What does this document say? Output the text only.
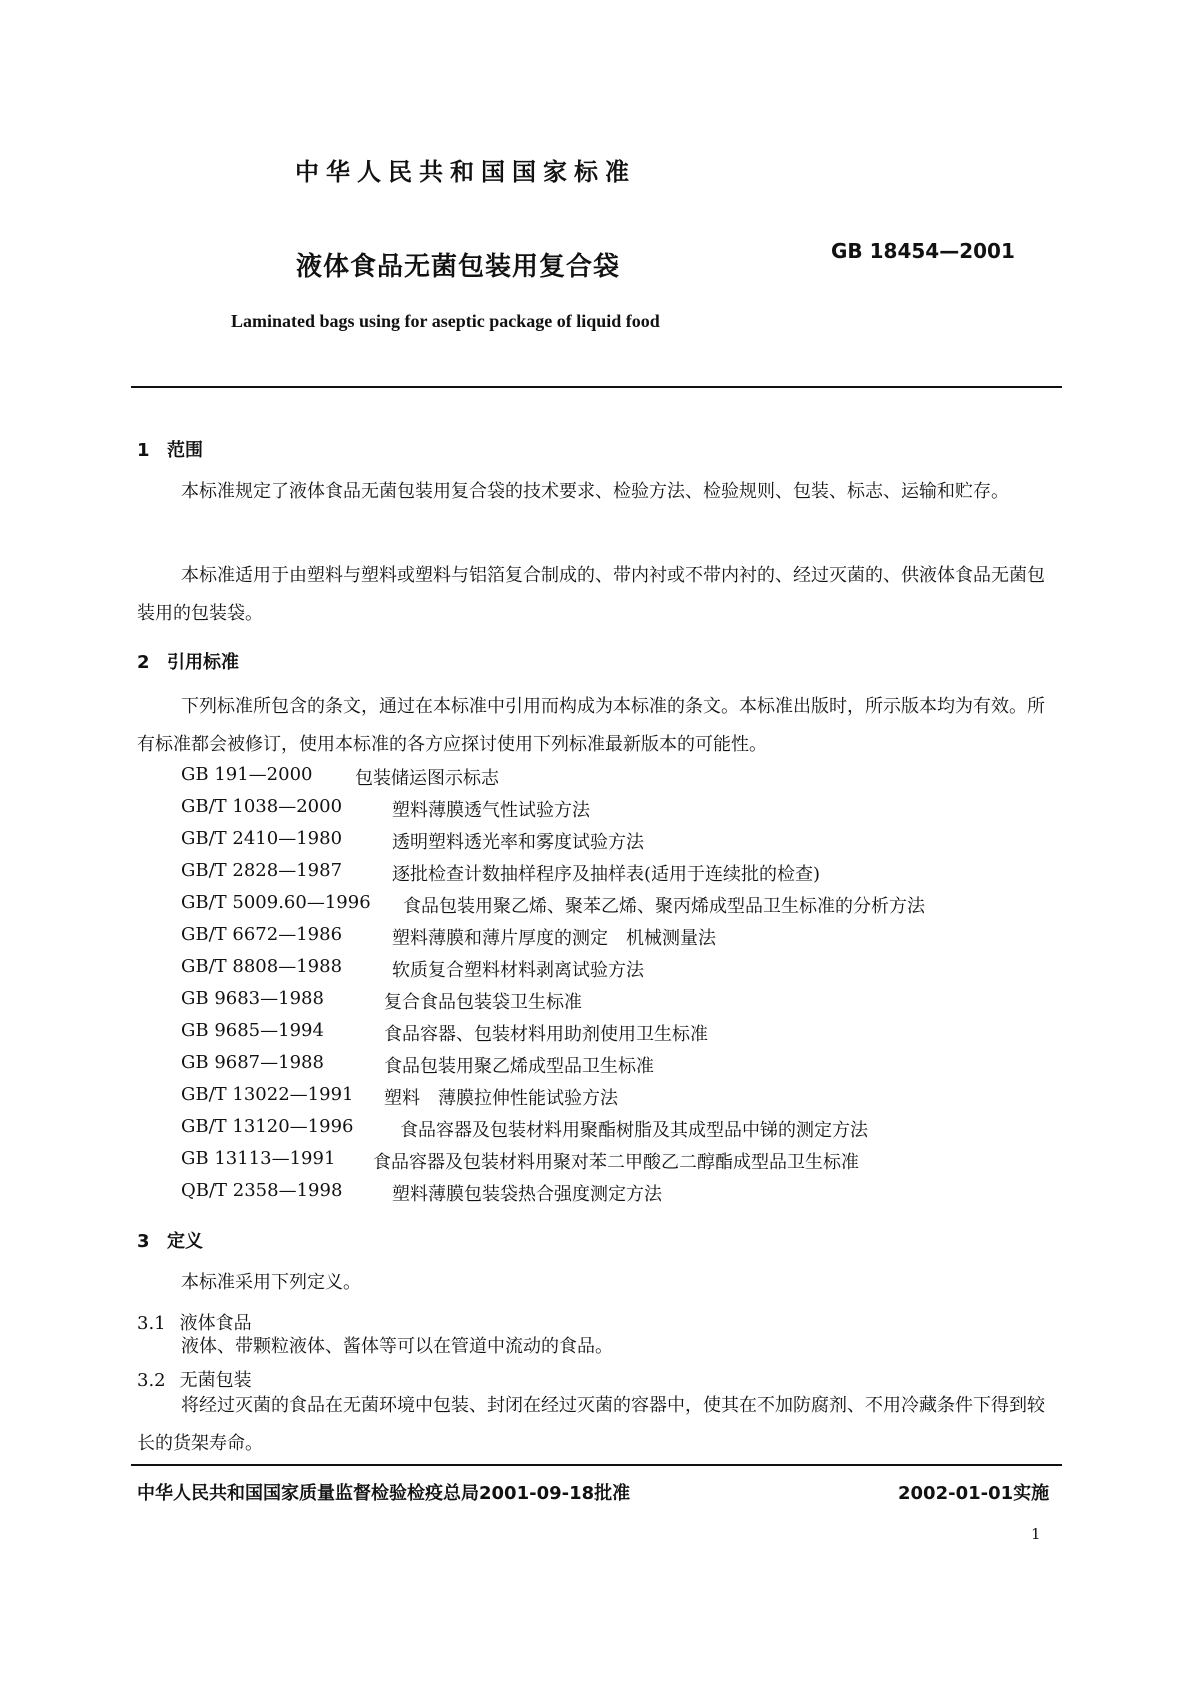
中华人民共和国国家标准
液体食品无菌包装用复合袋
GB 18454—2001
Laminated bags using for aseptic package of liquid food
1 范围
本标准规定了液体食品无菌包装用复合袋的技术要求、检验方法、检验规则、包装、标志、运输和贮存。
本标准适用于由塑料与塑料或塑料与铝箔复合制成的、带内衬或不带内衬的、经过灭菌的、供液体食品无菌包装用的包装袋。
2 引用标准
下列标准所包含的条文，通过在本标准中引用而构成为本标准的条文。本标准出版时，所示版本均为有效。所有标准都会被修订，使用本标准的各方应探讨使用下列标准最新版本的可能性。
GB 191—2000 包装储运图示标志
GB/T 1038—2000	塑料薄膜透气性试验方法
GB/T 2410—1980	透明塑料透光率和雾度试验方法
GB/T 2828—1987	逐批检查计数抽样程序及抽样表(适用于连续批的检查)
GB/T 5009.60—1996 食品包装用聚乙烯、聚苯乙烯、聚丙烯成型品卫生标准的分析方法
GB/T 6672—1986	塑料薄膜和薄片厚度的测定　机械测量法
GB/T 8808—1988	软质复合塑料材料剥离试验方法
GB 9683—1988	复合食品包装袋卫生标准
GB 9685—1994	食品容器、包装材料用助剂使用卫生标准
GB 9687—1988	食品包装用聚乙烯成型品卫生标准
GB/T 13022—1991 塑料　薄膜拉伸性能试验方法
GB/T 13120—1996	食品容器及包装材料用聚酯树脂及其成型品中锑的测定方法
GB 13113—1991 食品容器及包装材料用聚对苯二甲酸乙二醇酯成型品卫生标准
QB/T 2358—1998	塑料薄膜包装袋热合强度测定方法
3 定义
本标准采用下列定义。
3.1 液体食品
液体、带颗粒液体、酱体等可以在管道中流动的食品。
3.2 无菌包装
将经过灭菌的食品在无菌环境中包装、封闭在经过灭菌的容器中，使其在不加防腐剂、不用冷藏条件下得到较长的货架寿命。
中华人民共和国国家质量监督检验检疫总局2001-09-18批准	2002-01-01实施
1
